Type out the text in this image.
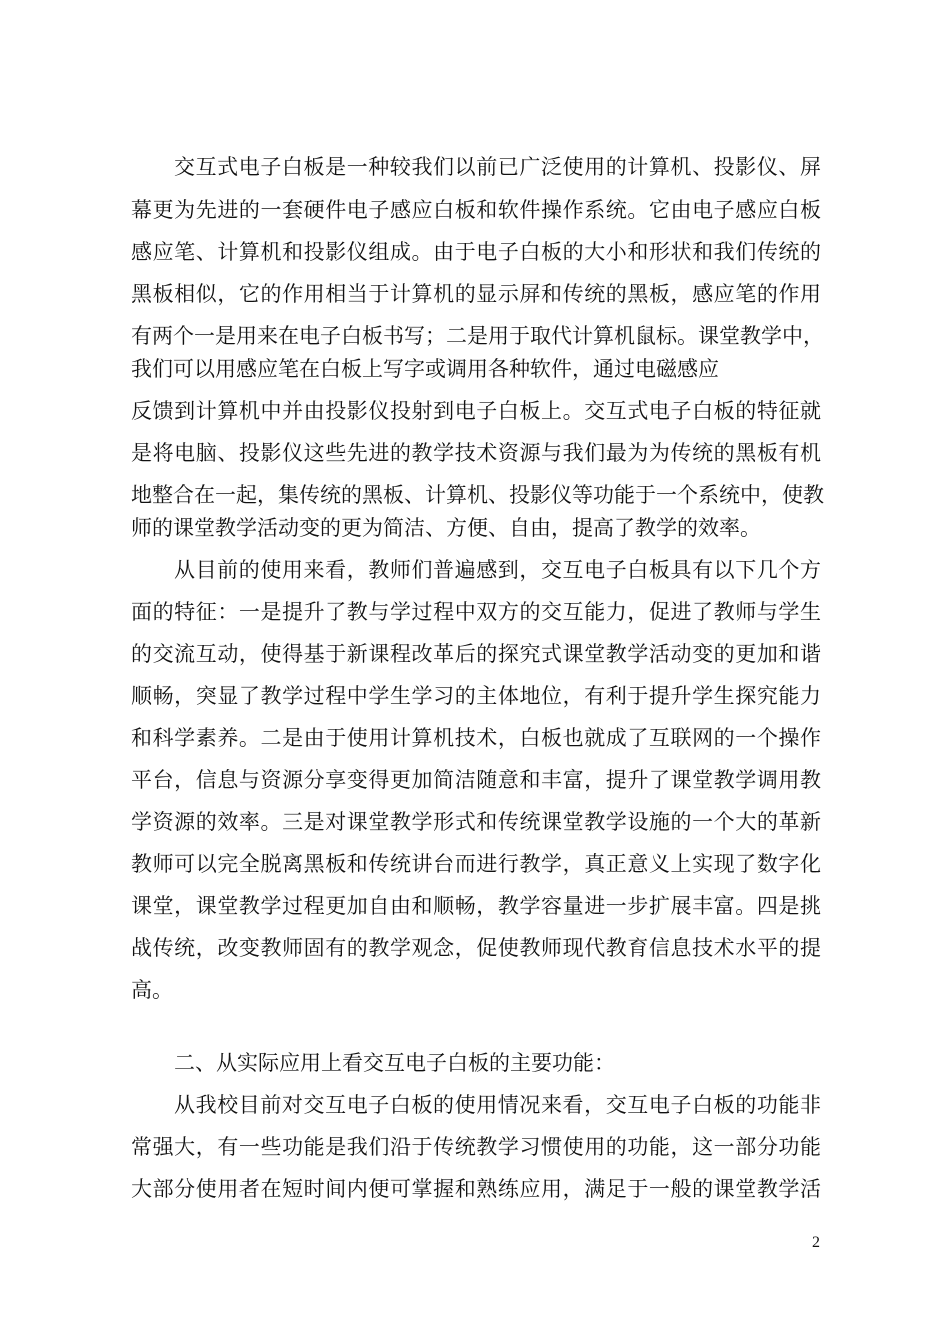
交互式电子白板是一种较我们以前已广泛使用的计算机、投影仪、屏
幕更为先进的一套硬件电子感应白板和软件操作系统。它由电子感应白板
感应笔、计算机和投影仪组成。由于电子白板的大小和形状和我们传统的
黑板相似，它的作用相当于计算机的显示屏和传统的黑板，感应笔的作用
有两个一是用来在电子白板书写；二是用于取代计算机鼠标。课堂教学中，
我们可以用感应笔在白板上写字或调用各种软件，通过电磁感应
反馈到计算机中并由投影仪投射到电子白板上。交互式电子白板的特征就
是将电脑、投影仪这些先进的教学技术资源与我们最为为传统的黑板有机
地整合在一起，集传统的黑板、计算机、投影仪等功能于一个系统中，使教
师的课堂教学活动变的更为简洁、方便、自由，提高了教学的效率。
从目前的使用来看，教师们普遍感到，交互电子白板具有以下几个方
面的特征：一是提升了教与学过程中双方的交互能力，促进了教师与学生
的交流互动，使得基于新课程改革后的探究式课堂教学活动变的更加和谐
顺畅，突显了教学过程中学生学习的主体地位，有利于提升学生探究能力
和科学素养。二是由于使用计算机技术，白板也就成了互联网的一个操作
平台，信息与资源分享变得更加简洁随意和丰富，提升了课堂教学调用教
学资源的效率。三是对课堂教学形式和传统课堂教学设施的一个大的革新
教师可以完全脱离黑板和传统讲台而进行教学，真正意义上实现了数字化
课堂，课堂教学过程更加自由和顺畅，教学容量进一步扩展丰富。四是挑
战传统，改变教师固有的教学观念，促使教师现代教育信息技术水平的提
高。
二、从实际应用上看交互电子白板的主要功能：
从我校目前对交互电子白板的使用情况来看，交互电子白板的功能非
常强大，有一些功能是我们沿于传统教学习惯使用的功能，这一部分功能
大部分使用者在短时间内便可掌握和熟练应用，满足于一般的课堂教学活
2
